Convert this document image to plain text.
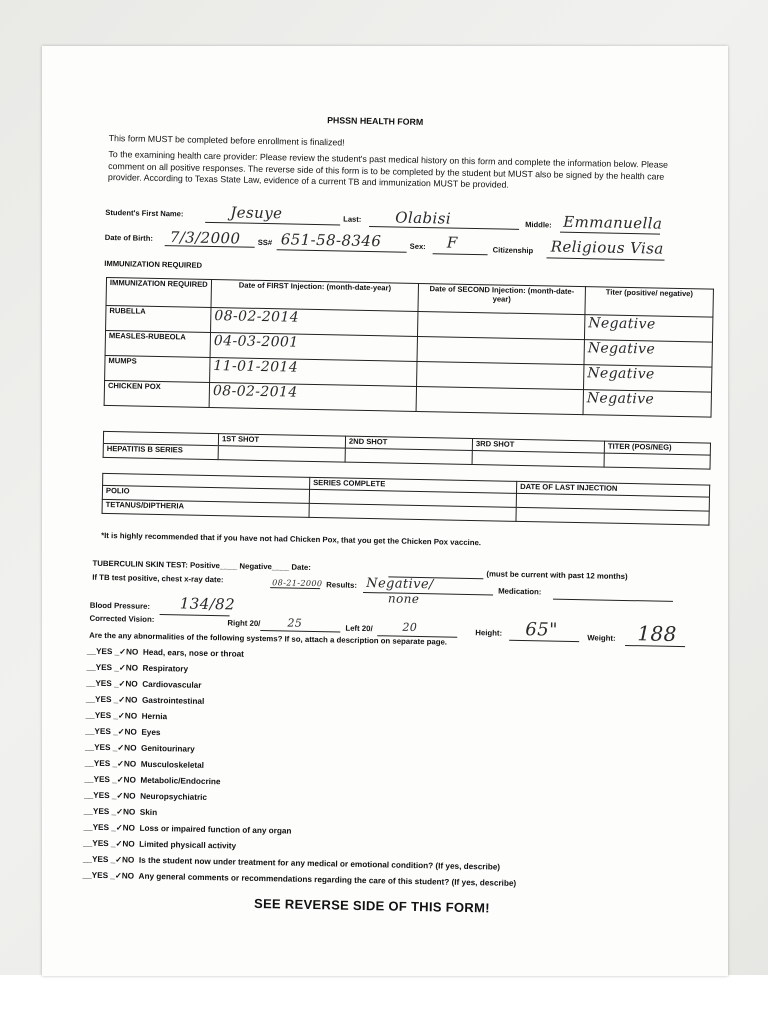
PHSSN HEALTH FORM
This form MUST be completed before enrollment is finalized!
To the examining health care provider: Please review the student's past medical history on this form and complete the information below. Please comment on all positive responses. The reverse side of this form is to be completed by the student but MUST also be signed by the health care provider. According to Texas State Law, evidence of a current TB and immunization MUST be provided.
Student's First Name:	Jesuye	Last: Olabisi	Middle: Emmanuella
Date of Birth: 7/3/2000 SS# 651-58-8346	Sex: F	Citizenship Religious Visa
IMMUNIZATION REQUIRED
IMMUNIZATION REQUIRED	Date of FIRST Injection: (month-date-year)	Date of SECOND Injection: (month-date-year)	Titer (positive/ negative)
RUBELLA	08-02-2014		Negative
MEASLES-RUBEOLA	04-03-2001		Negative
MUMPS	11-01-2014		Negative
CHICKEN POX	08-02-2014		Negative
	1ST SHOT	2ND SHOT	3RD SHOT	TITER (POS/NEG)
HEPATITIS B SERIES				
	SERIES COMPLETE	DATE OF LAST INJECTION
POLIO		
TETANUS/DIPTHERIA		
*It is highly recommended that if you have not had Chicken Pox, that you get the Chicken Pox vaccine.
TUBERCULIN SKIN TEST: Positive____ Negative____ Date:
(must be current with past 12 months)
If TB test positive, chest x-ray date:	08-21-2000 Results: Negative/
none	Medication:
Blood Pressure: 134/82
Corrected Vision:	Right 20/ 25	Left 20/	20	Height: 65"	Weight: 188
Are the any abnormalities of the following systems? If so, attach a description on separate page.
__YES _✓NO Head, ears, nose or throat
__YES _✓NO Respiratory
__YES _✓NO Cardiovascular
__YES _✓NO Gastrointestinal
__YES _✓NO Hernia
__YES _✓NO Eyes
__YES _✓NO Genitourinary
__YES _✓NO Musculoskeletal
__YES _✓NO Metabolic/Endocrine
__YES _✓NO Neuropsychiatric
__YES _✓NO Skin
__YES _✓NO Loss or impaired function of any organ
__YES _✓NO Limited physicall activity
__YES _✓NO Is the student now under treatment for any medical or emotional condition? (If yes, describe)
__YES _✓NO Any general comments or recommendations regarding the care of this student? (If yes, describe)
SEE REVERSE SIDE OF THIS FORM!
